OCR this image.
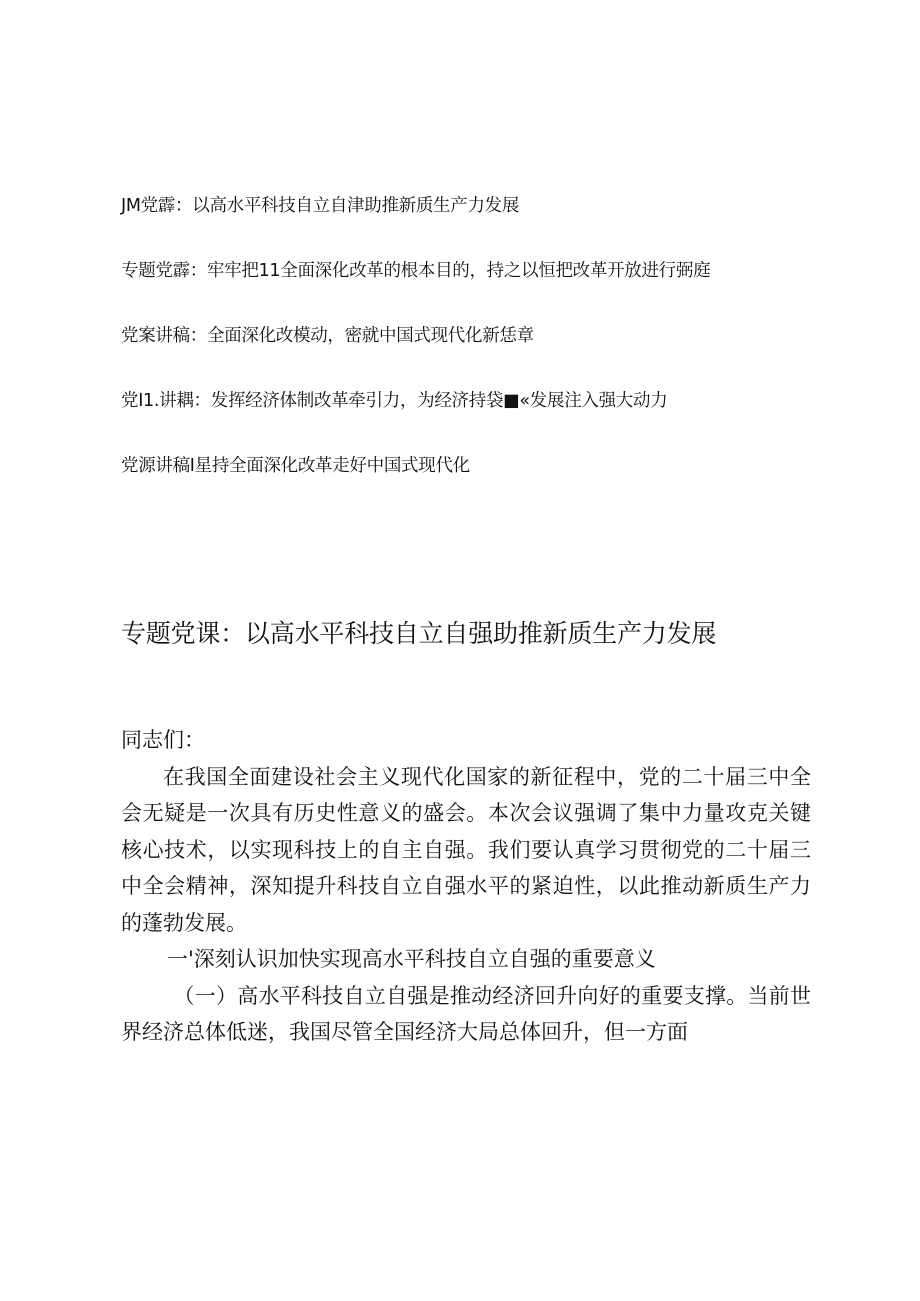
JM党霹：以高水平科技自立自津助推新质生产力发展
专题党霹：牢牢把11全面深化改革的根本目的，持之以恒把改革开放进行弼庭
党案讲稿：全面深化改模动，密就中国式现代化新恁章
党I1.讲耦：发挥经济体制改革牵引力，为经济持袋■«发展注入强大动力
党源讲稿I星持全面深化改革走好中国式现代化
专题党课：以高水平科技自立自强助推新质生产力发展

同志们：

在我国全面建设社会主义现代化国家的新征程中，党的二十届三中全会无疑是一次具有历史性意义的盛会。本次会议强调了集中力量攻克关键核心技术，以实现科技上的自主自强。我们要认真学习贯彻党的二十届三中全会精神，深知提升科技自立自强水平的紧迫性，以此推动新质生产力的蓬勃发展。

一'深刻认识加快实现高水平科技自立自强的重要意义

（一）高水平科技自立自强是推动经济回升向好的重要支撑。当前世界经济总体低迷，我国尽管全国经济大局总体回升，但一方面
